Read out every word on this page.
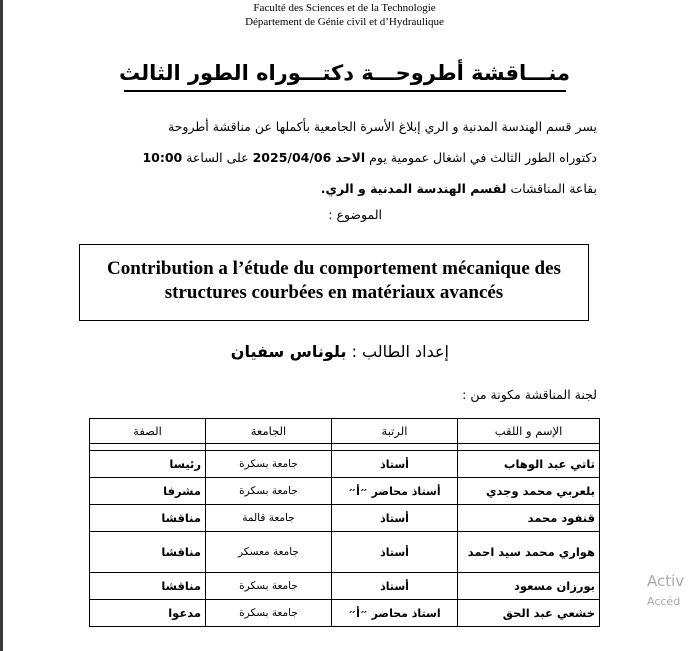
Faculté des Sciences et de la Technologie
Département de Génie civil et d’Hydraulique
منـــاقشة أطروحـــة دكتـــوراه الطور الثالث
يسر قسم الهندسة المدنية و الري إبلاغ الأسرة الجامعية بأكملها عن مناقشة أطروحة
دكتوراه الطور الثالث في اشغال عمومية يوم الاحد 2025/04/06 على الساعة 10:00
بقاعة المناقشات لقسم الهندسة المدنية و الري.
الموضوع :
Contribution a l’étude du comportement mécanique des
structures courbées en matériaux avancés
إعداد الطالب : بلوناس سفيان
لجنة المناقشة مكونة من :
الإسم و اللقب	الرتبة	الجامعة	الصفة

تاتي عبد الوهاب	أستاذ	جامعة بسكرة	رئيسا
بلعربي محمد وجدي	أستاذ محاضر ״أ״	جامعة بسكرة	مشرفا
قنفود محمد	أستاذ	جامعة قالمة	مناقشا
هواري محمد سيد احمد	أستاذ	جامعة معسكر	مناقشا
بورزان مسعود	أستاذ	جامعة بسكرة	مناقشا
خشعي عبد الحق	استاذ محاضر ״أ״	جامعة بسكرة	مدعوا
Activ
Accéd
